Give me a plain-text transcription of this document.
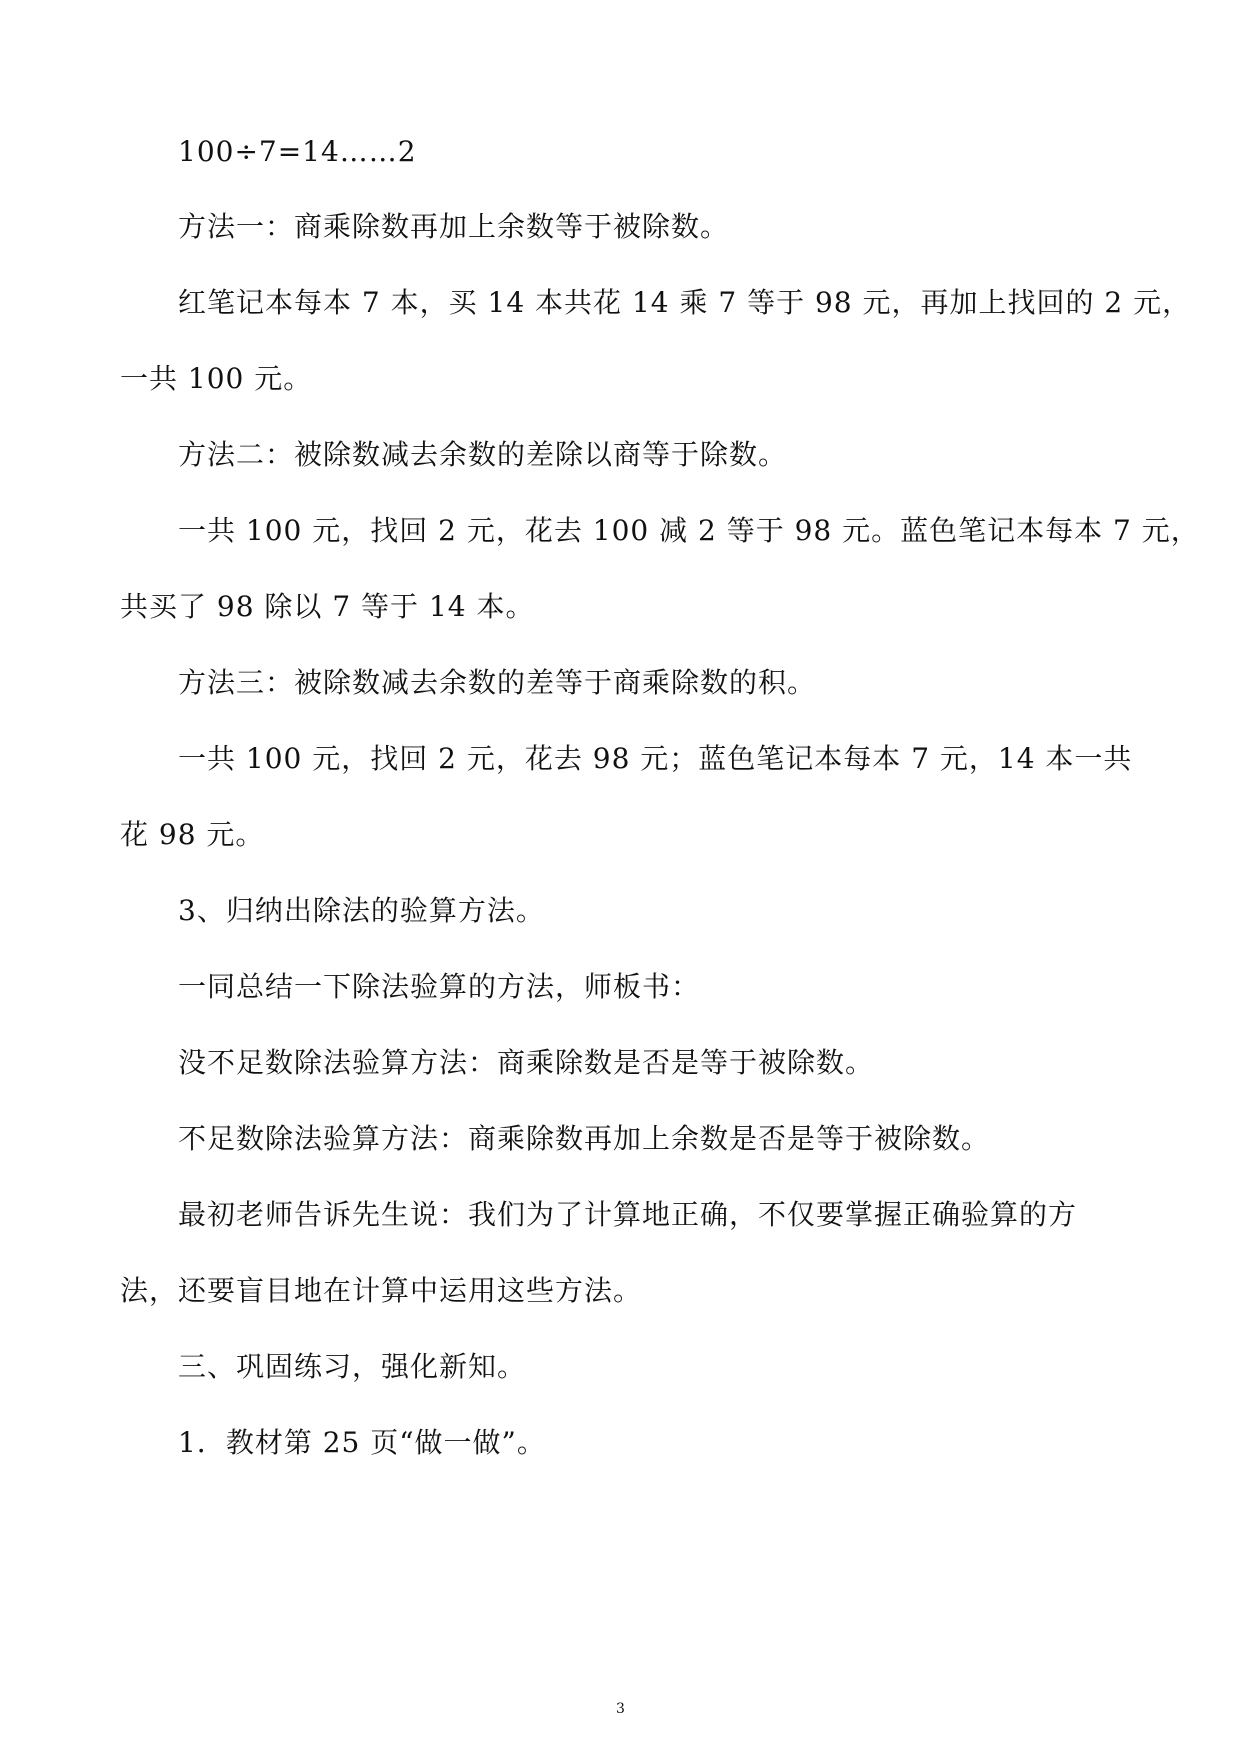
100÷7=14……2
方法一：商乘除数再加上余数等于被除数。
红笔记本每本 7 本，买 14 本共花 14 乘 7 等于 98 元，再加上找回的 2 元，
一共 100 元。
方法二：被除数减去余数的差除以商等于除数。
一共 100 元，找回 2 元，花去 100 减 2 等于 98 元。蓝色笔记本每本 7 元，
共买了 98 除以 7 等于 14 本。
方法三：被除数减去余数的差等于商乘除数的积。
一共 100 元，找回 2 元，花去 98 元；蓝色笔记本每本 7 元，14 本一共
花 98 元。
3、归纳出除法的验算方法。
一同总结一下除法验算的方法，师板书：
没不足数除法验算方法：商乘除数是否是等于被除数。
不足数除法验算方法：商乘除数再加上余数是否是等于被除数。
最初老师告诉先生说：我们为了计算地正确，不仅要掌握正确验算的方
法，还要盲目地在计算中运用这些方法。
三、巩固练习，强化新知。
1．教材第 25 页“做一做”。
3
